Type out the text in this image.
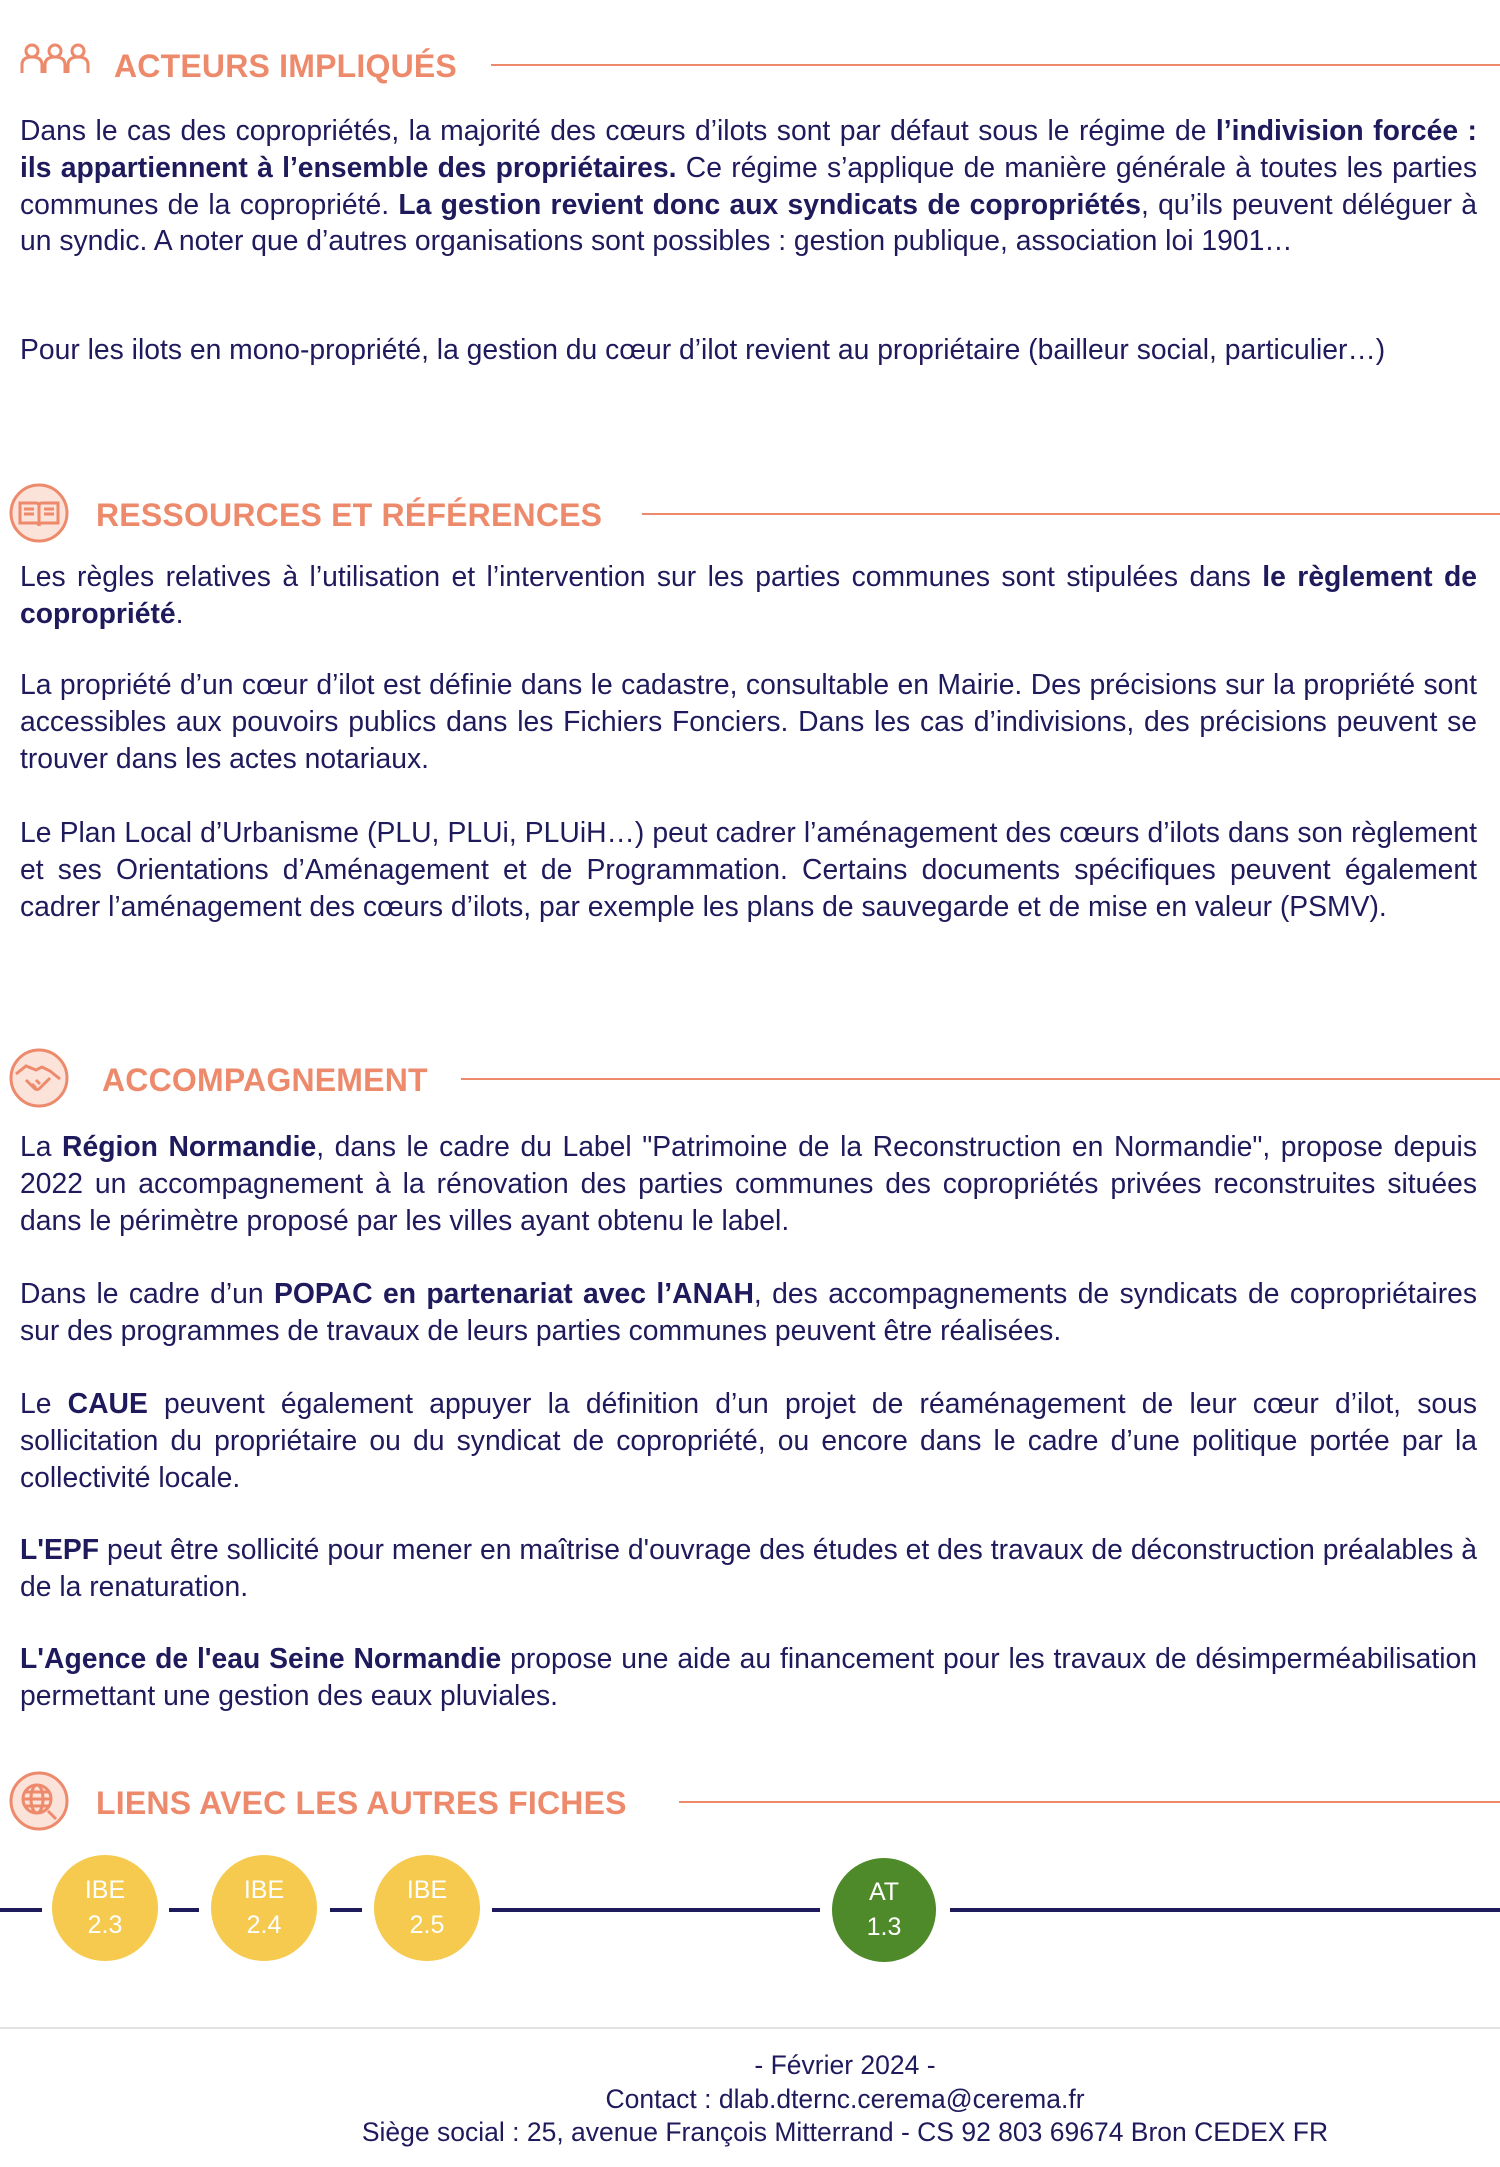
ACTEURS IMPLIQUÉS

Dans le cas des copropriétés, la majorité des cœurs d’ilots sont par défaut sous le régime de l’indivision forcée : ils appartiennent à l’ensemble des propriétaires. Ce régime s’applique de manière générale à toutes les parties communes de la copropriété. La gestion revient donc aux syndicats de copropriétés, qu’ils peuvent déléguer à un syndic. A noter que d’autres organisations sont possibles : gestion publique, association loi 1901…

Pour les ilots en mono-propriété, la gestion du cœur d’ilot revient au propriétaire (bailleur social, particulier…)

RESSOURCES ET RÉFÉRENCES

Les règles relatives à l’utilisation et l’intervention sur les parties communes sont stipulées dans le règlement de copropriété.

La propriété d’un cœur d’ilot est définie dans le cadastre, consultable en Mairie. Des précisions sur la propriété sont accessibles aux pouvoirs publics dans les Fichiers Fonciers. Dans les cas d’indivisions, des précisions peuvent se trouver dans les actes notariaux.

Le Plan Local d’Urbanisme (PLU, PLUi, PLUiH…) peut cadrer l’aménagement des cœurs d’ilots dans son règlement et ses Orientations d’Aménagement et de Programmation. Certains documents spécifiques peuvent également cadrer l’aménagement des cœurs d’ilots, par exemple les plans de sauvegarde et de mise en valeur (PSMV).

ACCOMPAGNEMENT

La Région Normandie, dans le cadre du Label "Patrimoine de la Reconstruction en Normandie", propose depuis 2022 un accompagnement à la rénovation des parties communes des copropriétés privées reconstruites situées dans le périmètre proposé par les villes ayant obtenu le label.

Dans le cadre d’un POPAC en partenariat avec l’ANAH, des accompagnements de syndicats de copropriétaires sur des programmes de travaux de leurs parties communes peuvent être réalisées.

Le CAUE peuvent également appuyer la définition d’un projet de réaménagement de leur cœur d’ilot, sous sollicitation du propriétaire ou du syndicat de copropriété, ou encore dans le cadre d’une politique portée par la collectivité locale.

L'EPF peut être sollicité pour mener en maîtrise d'ouvrage des études et des travaux de déconstruction préalables à de la renaturation.

L'Agence de l'eau Seine Normandie propose une aide au financement pour les travaux de désimperméabilisation permettant une gestion des eaux pluviales.

LIENS AVEC LES AUTRES FICHES
IBE
2.3
IBE
2.4
IBE
2.5
AT
1.3
- Février 2024 -
Contact : dlab.dternc.cerema@cerema.fr
Siège social : 25, avenue François Mitterrand - CS 92 803 69674 Bron CEDEX FR
